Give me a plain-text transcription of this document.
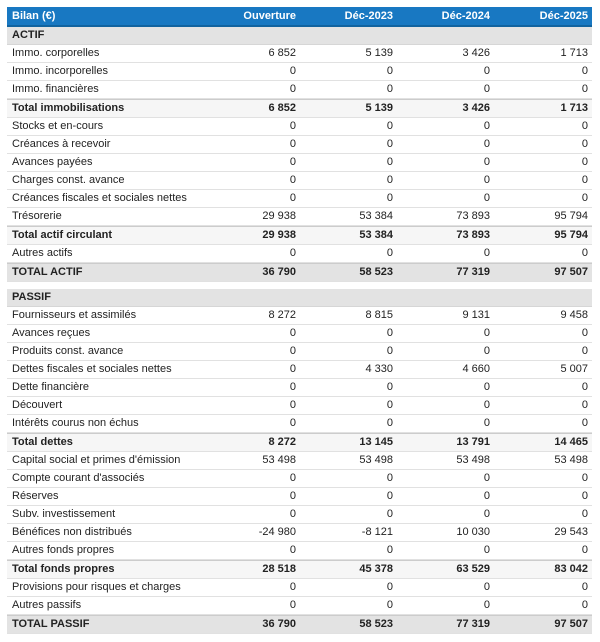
Bilan (€)	Ouverture	Déc-2023	Déc-2024	Déc-2025
ACTIF
Immo. corporelles	6 852	5 139	3 426	1 713
Immo. incorporelles	0	0	0	0
Immo. financières	0	0	0	0
Total immobilisations	6 852	5 139	3 426	1 713
Stocks et en-cours	0	0	0	0
Créances à recevoir	0	0	0	0
Avances payées	0	0	0	0
Charges const. avance	0	0	0	0
Créances fiscales et sociales nettes	0	0	0	0
Trésorerie	29 938	53 384	73 893	95 794
Total actif circulant	29 938	53 384	73 893	95 794
Autres actifs	0	0	0	0
TOTAL ACTIF	36 790	58 523	77 319	97 507
PASSIF
Fournisseurs et assimilés	8 272	8 815	9 131	9 458
Avances reçues	0	0	0	0
Produits const. avance	0	0	0	0
Dettes fiscales et sociales nettes	0	4 330	4 660	5 007
Dette financière	0	0	0	0
Découvert	0	0	0	0
Intérêts courus non échus	0	0	0	0
Total dettes	8 272	13 145	13 791	14 465
Capital social et primes d'émission	53 498	53 498	53 498	53 498
Compte courant d'associés	0	0	0	0
Réserves	0	0	0	0
Subv. investissement	0	0	0	0
Bénéfices non distribués	-24 980	-8 121	10 030	29 543
Autres fonds propres	0	0	0	0
Total fonds propres	28 518	45 378	63 529	83 042
Provisions pour risques et charges	0	0	0	0
Autres passifs	0	0	0	0
TOTAL PASSIF	36 790	58 523	77 319	97 507
